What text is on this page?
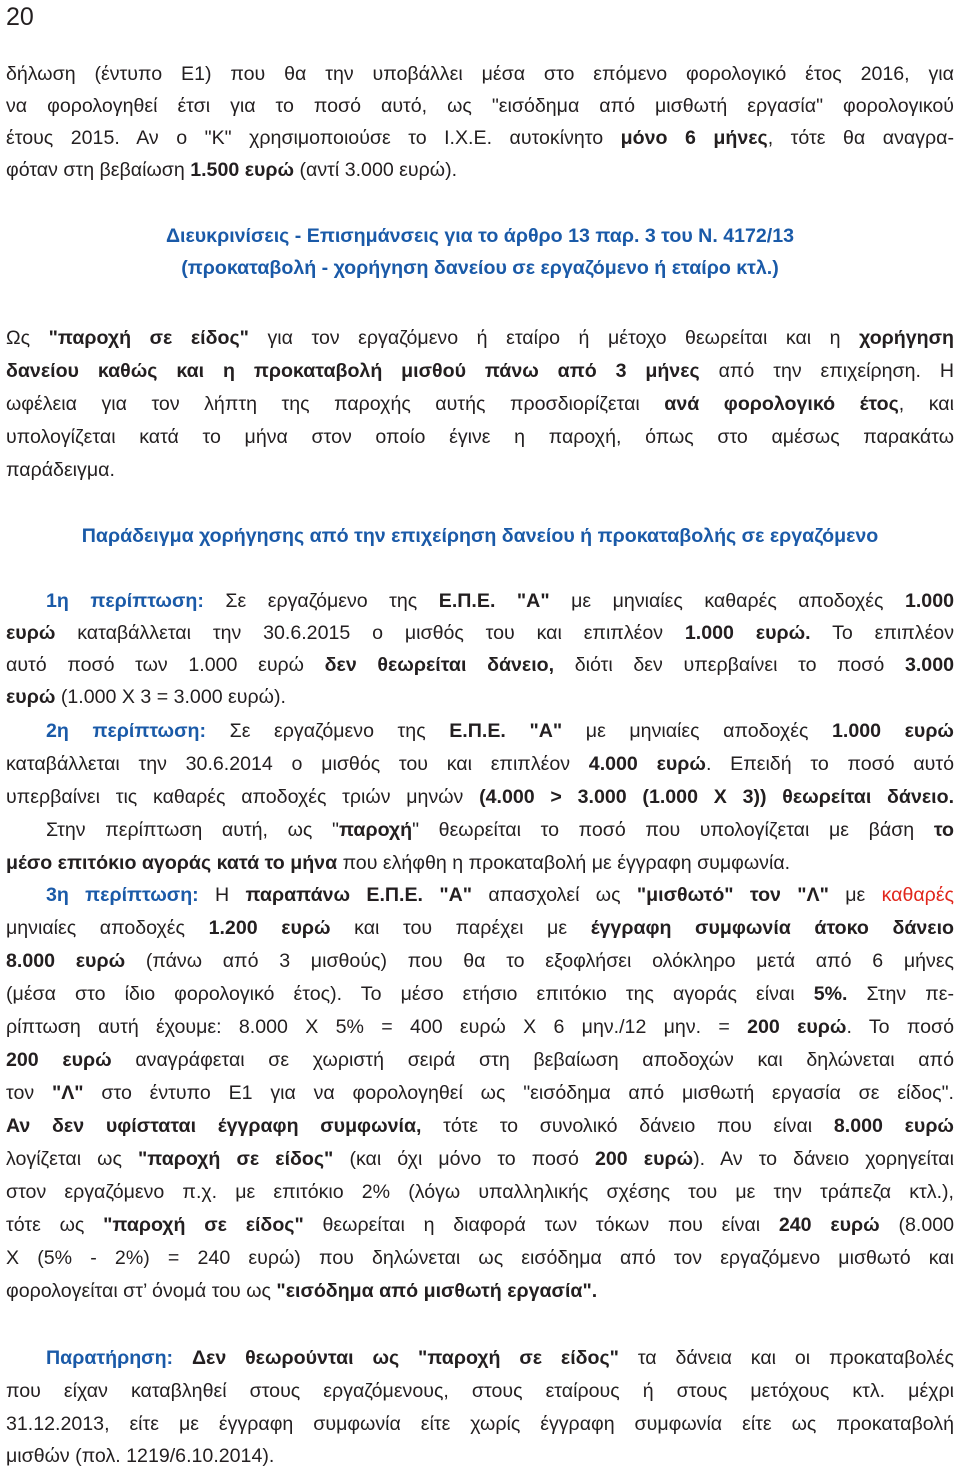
20
δήλωση (έντυπο Ε1) που θα την υποβάλλει μέσα στο επόμενο φορολογικό έτος 2016, για
να φορολογηθεί έτσι για το ποσό αυτό, ως "εισόδημα από μισθωτή εργασία" φορολογικού
έτους 2015. Αν ο "Κ" χρησιμοποιούσε το Ι.Χ.Ε. αυτοκίνητο μόνο 6 μήνες, τότε θα αναγρα-
φόταν στη βεβαίωση 1.500 ευρώ (αντί 3.000 ευρώ).
Διευκρινίσεις - Επισημάνσεις για το άρθρο 13 παρ. 3 του Ν. 4172/13
(προκαταβολή - χορήγηση δανείου σε εργαζόμενο ή εταίρο κτλ.)
Ως "παροχή σε είδος" για τον εργαζόμενο ή εταίρο ή μέτοχο θεωρείται και η χορήγηση
δανείου καθώς και η προκαταβολή μισθού πάνω από 3 μήνες από την επιχείρηση. Η
ωφέλεια για τον λήπτη της παροχής αυτής προσδιορίζεται ανά φορολογικό έτος, και
υπολογίζεται κατά το μήνα στον οποίο έγινε η παροχή, όπως στο αμέσως παρακάτω
παράδειγμα.
Παράδειγμα χορήγησης από την επιχείρηση δανείου ή προκαταβολής σε εργαζόμενο
1η περίπτωση: Σε εργαζόμενο της Ε.Π.Ε. "Α" με μηνιαίες καθαρές αποδοχές 1.000
ευρώ καταβάλλεται την 30.6.2015 ο μισθός του και επιπλέον 1.000 ευρώ. Το επιπλέον
αυτό ποσό των 1.000 ευρώ δεν θεωρείται δάνειο, διότι δεν υπερβαίνει το ποσό 3.000
ευρώ (1.000 Χ 3 = 3.000 ευρώ).
2η περίπτωση: Σε εργαζόμενο της Ε.Π.Ε. "Α" με μηνιαίες αποδοχές 1.000 ευρώ
καταβάλλεται την 30.6.2014 ο μισθός του και επιπλέον 4.000 ευρώ. Επειδή το ποσό αυτό
υπερβαίνει τις καθαρές αποδοχές τριών μηνών (4.000 > 3.000 (1.000 Χ 3)) θεωρείται δάνειο.
Στην περίπτωση αυτή, ως "παροχή" θεωρείται το ποσό που υπολογίζεται με βάση το
μέσο επιτόκιο αγοράς κατά το μήνα που ελήφθη η προκαταβολή με έγγραφη συμφωνία.
3η περίπτωση: Η παραπάνω Ε.Π.Ε. "Α" απασχολεί ως "μισθωτό" τον "Λ" με καθαρές
μηνιαίες αποδοχές 1.200 ευρώ και του παρέχει με έγγραφη συμφωνία άτοκο δάνειο
8.000 ευρώ (πάνω από 3 μισθούς) που θα το εξοφλήσει ολόκληρο μετά από 6 μήνες
(μέσα στο ίδιο φορολογικό έτος). Το μέσο ετήσιο επιτόκιο της αγοράς είναι 5%. Στην πε-
ρίπτωση αυτή έχουμε: 8.000 Χ 5% = 400 ευρώ Χ 6 μην./12 μην. = 200 ευρώ. Το ποσό
200 ευρώ αναγράφεται σε χωριστή σειρά στη βεβαίωση αποδοχών και δηλώνεται από
τον "Λ" στο έντυπο Ε1 για να φορολογηθεί ως "εισόδημα από μισθωτή εργασία σε είδος".
Αν δεν υφίσταται έγγραφη συμφωνία, τότε το συνολικό δάνειο που είναι 8.000 ευρώ
λογίζεται ως "παροχή σε είδος" (και όχι μόνο το ποσό 200 ευρώ). Αν το δάνειο χορηγείται
στον εργαζόμενο π.χ. με επιτόκιο 2% (λόγω υπαλληλικής σχέσης του με την τράπεζα κτλ.),
τότε ως "παροχή σε είδος" θεωρείται η διαφορά των τόκων που είναι 240 ευρώ (8.000
Χ (5% - 2%) = 240 ευρώ) που δηλώνεται ως εισόδημα από τον εργαζόμενο μισθωτό και
φορολογείται στ’ όνομά του ως "εισόδημα από μισθωτή εργασία".
Παρατήρηση: Δεν θεωρούνται ως "παροχή σε είδος" τα δάνεια και οι προκαταβολές
που είχαν καταβληθεί στους εργαζόμενους, στους εταίρους ή στους μετόχους κτλ. μέχρι
31.12.2013, είτε με έγγραφη συμφωνία είτε χωρίς έγγραφη συμφωνία είτε ως προκαταβολή
μισθών (πολ. 1219/6.10.2014).
